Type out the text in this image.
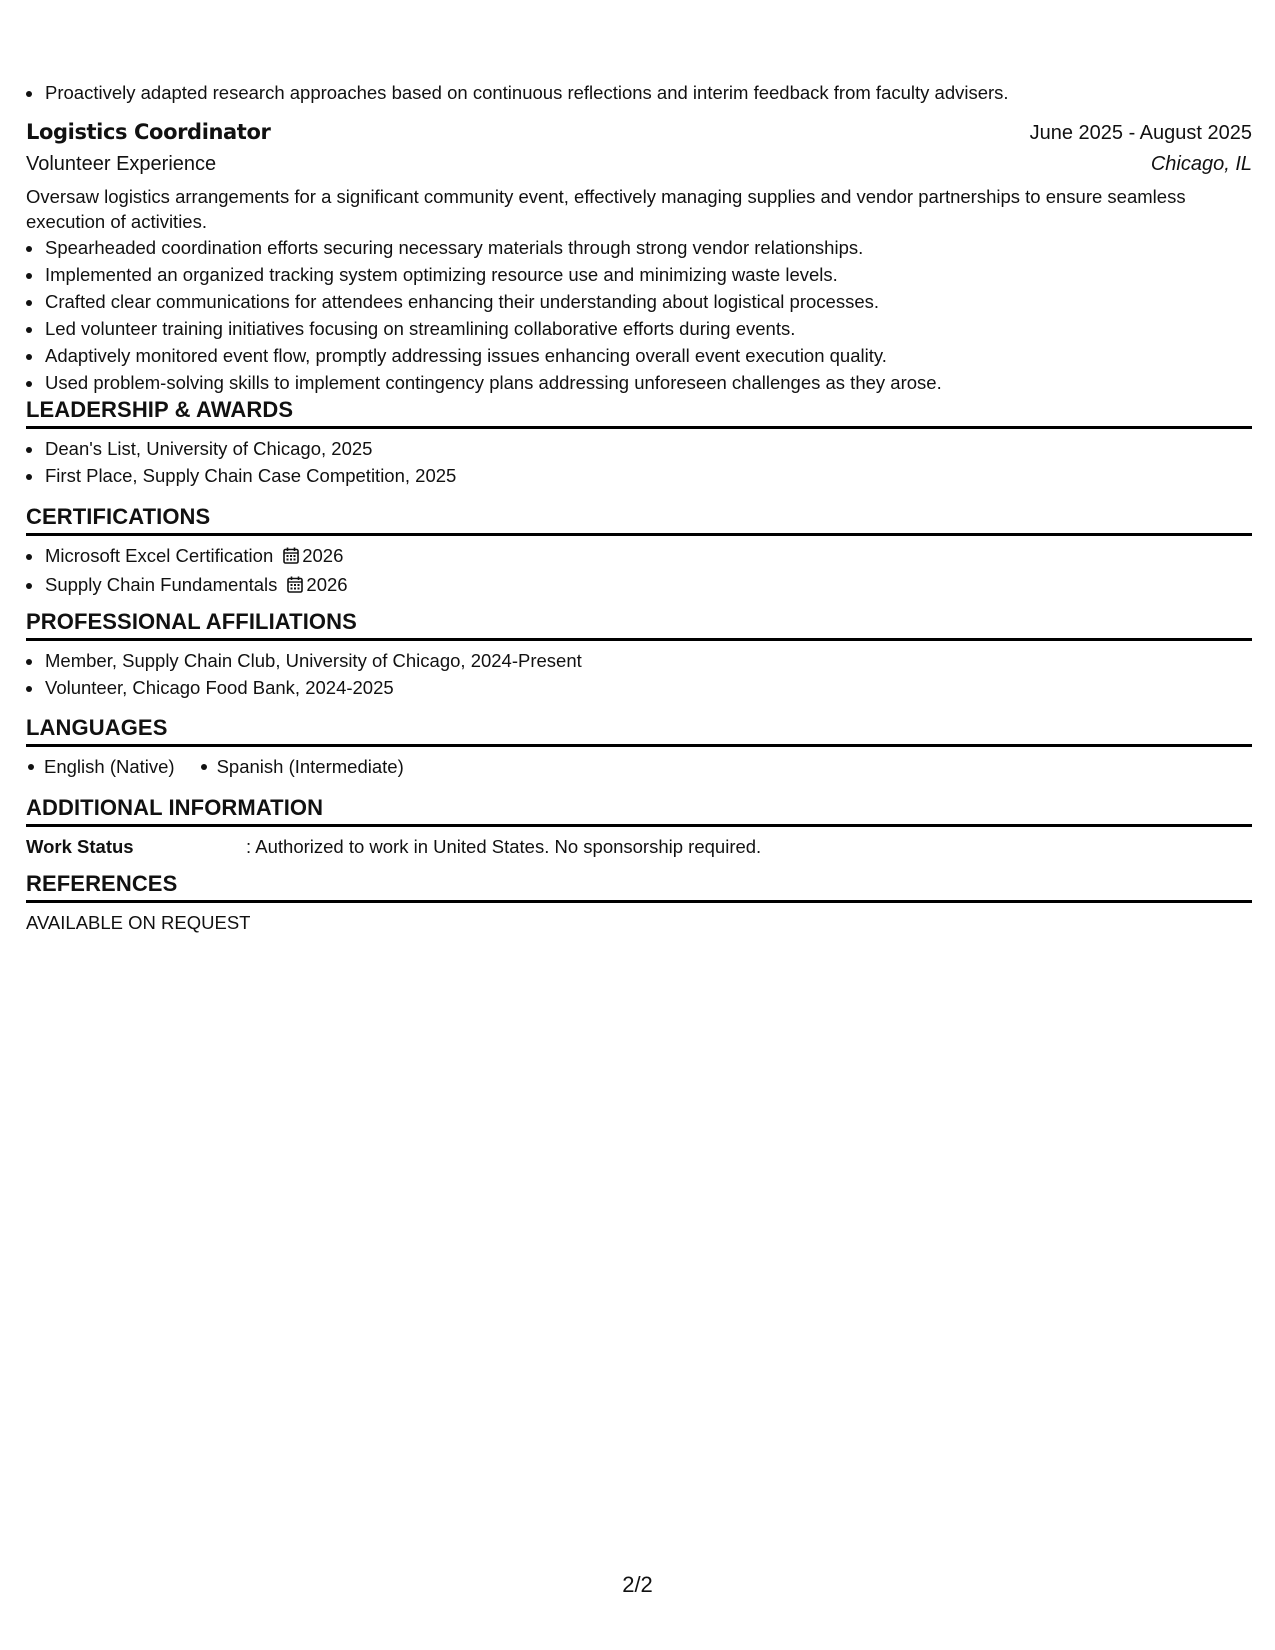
• Proactively adapted research approaches based on continuous reflections and interim feedback from faculty advisers.
Logistics Coordinator	June 2025 - August 2025
Volunteer Experience	Chicago, IL

Oversaw logistics arrangements for a significant community event, effectively managing supplies and vendor partnerships to ensure seamless execution of activities.

• Spearheaded coordination efforts securing necessary materials through strong vendor relationships.
• Implemented an organized tracking system optimizing resource use and minimizing waste levels.
• Crafted clear communications for attendees enhancing their understanding about logistical processes.
• Led volunteer training initiatives focusing on streamlining collaborative efforts during events.
• Adaptively monitored event flow, promptly addressing issues enhancing overall event execution quality.
• Used problem-solving skills to implement contingency plans addressing unforeseen challenges as they arose.
LEADERSHIP & AWARDS
• Dean's List, University of Chicago, 2025
• First Place, Supply Chain Case Competition, 2025
CERTIFICATIONS
• Microsoft Excel Certification 2026
• Supply Chain Fundamentals 2026
PROFESSIONAL AFFILIATIONS
• Member, Supply Chain Club, University of Chicago, 2024-Present
• Volunteer, Chicago Food Bank, 2024-2025
LANGUAGES
English (Native)	Spanish (Intermediate)
ADDITIONAL INFORMATION
Work Status	: Authorized to work in United States. No sponsorship required.
REFERENCES
AVAILABLE ON REQUEST
2/2
